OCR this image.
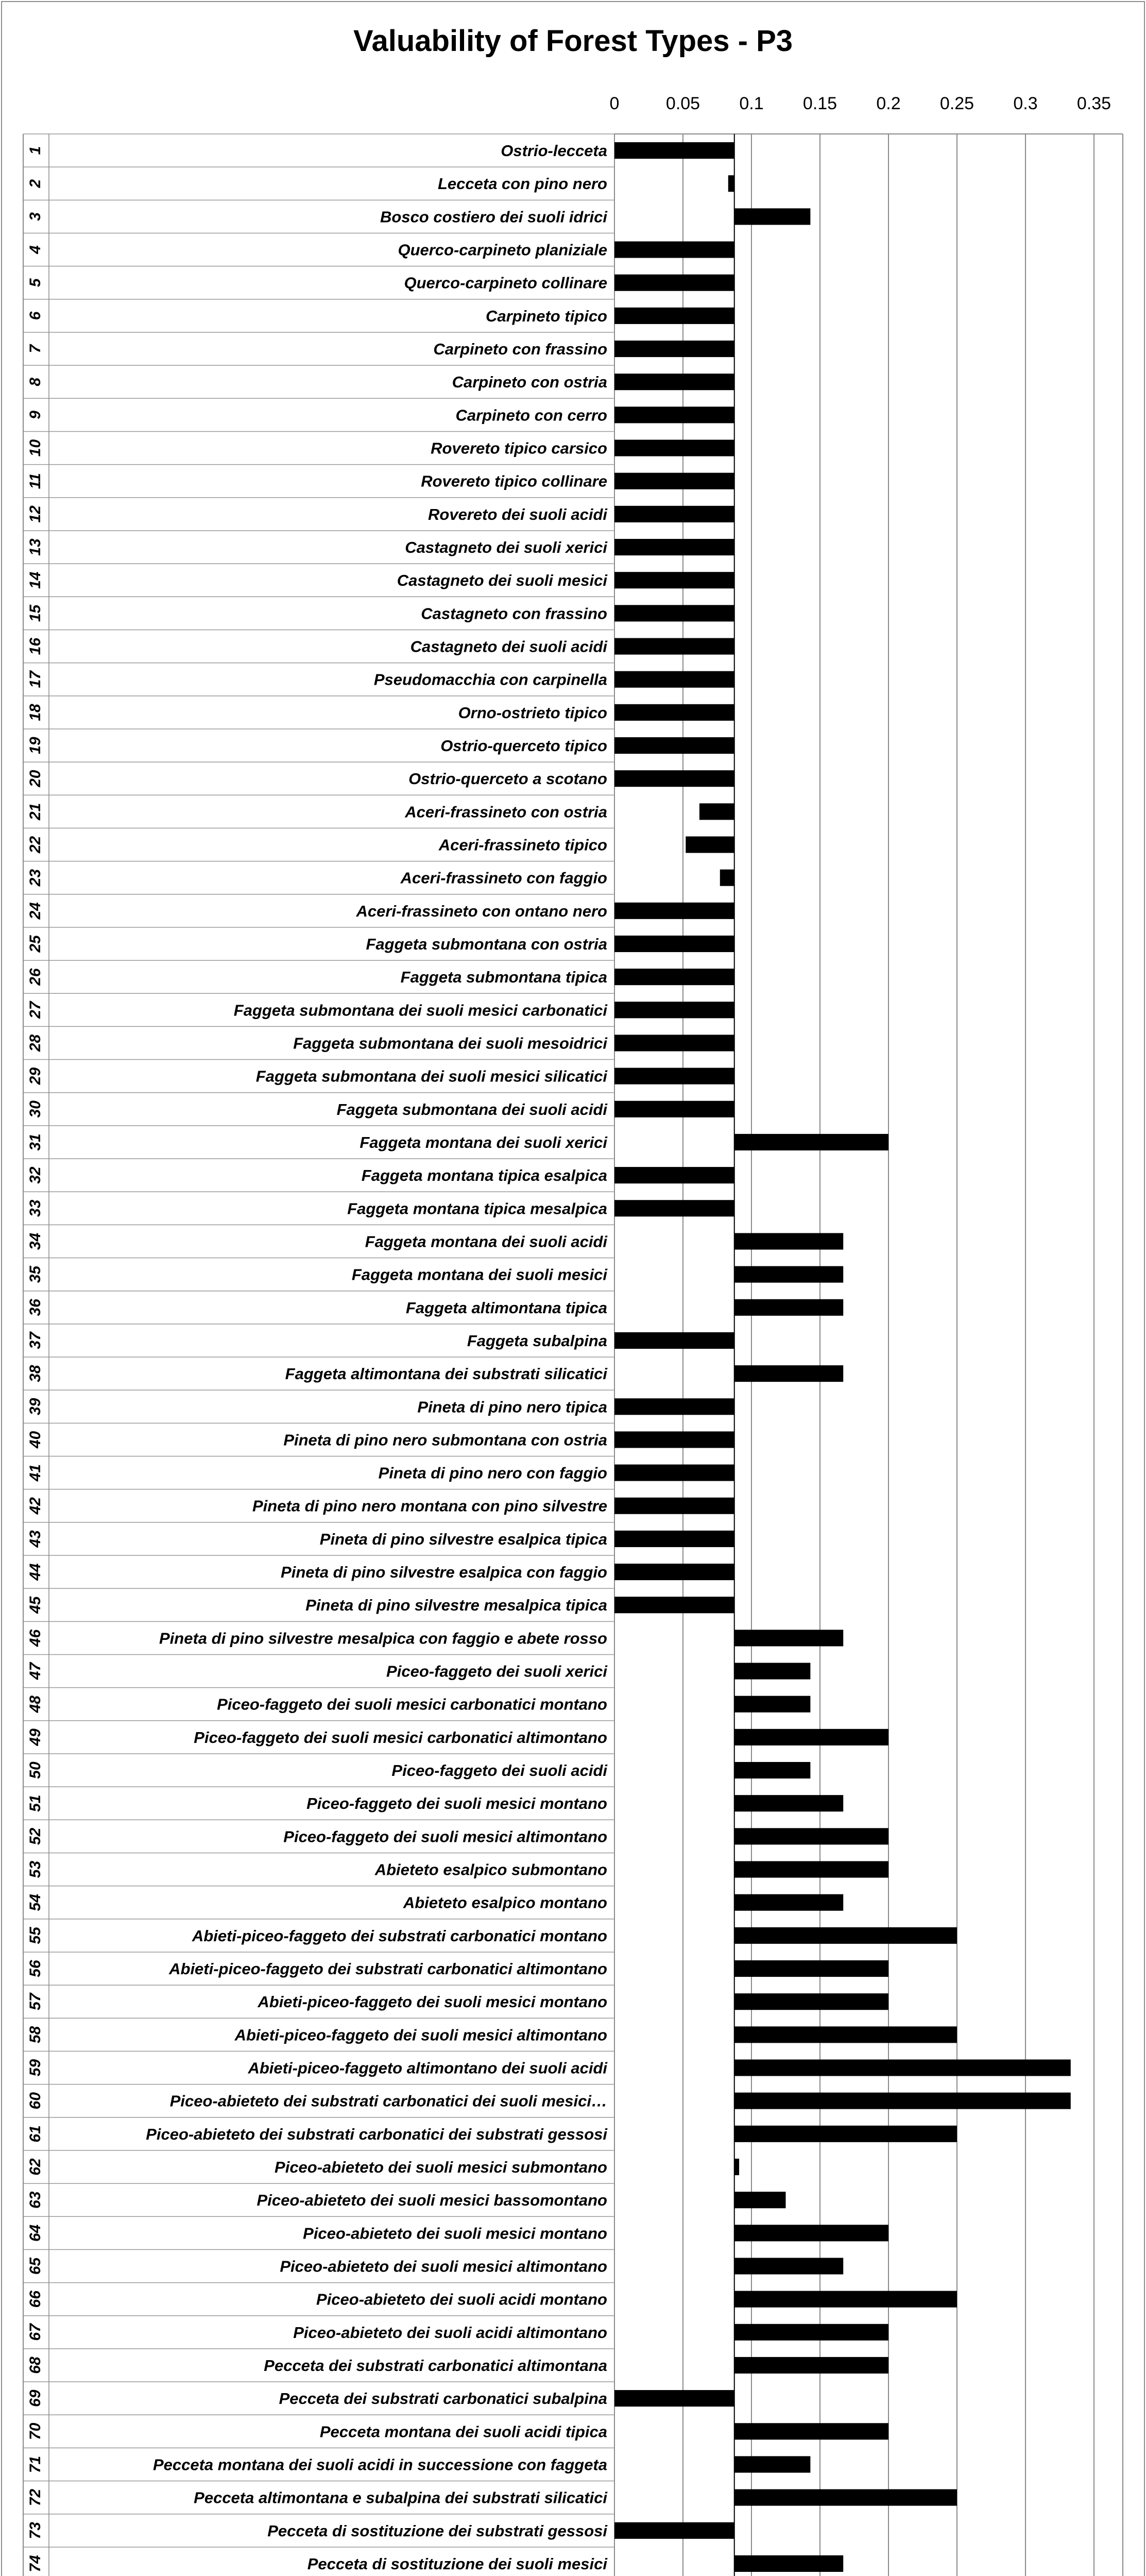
Valuability of Forest Types - P3
0	0.05 0.1 0.15 0.2 0.25 0.3 0.35
1	Ostrio-lecceta
2	Lecceta con pino nero
3	Bosco costiero dei suoli idrici
4	Querco-carpineto planiziale
5	Querco-carpineto collinare
6	Carpineto tipico
7	Carpineto con frassino
8	Carpineto con ostria
9	Carpineto con cerro
10	Rovereto tipico carsico
11	Rovereto tipico collinare
12	Rovereto dei suoli acidi
13	Castagneto dei suoli xerici
14	Castagneto dei suoli mesici
15	Castagneto con frassino
16	Castagneto dei suoli acidi
17	Pseudomacchia con carpinella
18	Orno-ostrieto tipico
19	Ostrio-querceto tipico
20	Ostrio-querceto a scotano
21	Aceri-frassineto con ostria
22	Aceri-frassineto tipico
23	Aceri-frassineto con faggio
24	Aceri-frassineto con ontano nero
25	Faggeta submontana con ostria
26	Faggeta submontana tipica
27	Faggeta submontana dei suoli mesici carbonatici
28	Faggeta submontana dei suoli mesoidrici
29	Faggeta submontana dei suoli mesici silicatici
30	Faggeta submontana dei suoli acidi
31	Faggeta montana dei suoli xerici
32	Faggeta montana tipica esalpica
33	Faggeta montana tipica mesalpica
34	Faggeta montana dei suoli acidi
35	Faggeta montana dei suoli mesici
36	Faggeta altimontana tipica
37	Faggeta subalpina
38	Faggeta altimontana dei substrati silicatici
39	Pineta di pino nero tipica
40	Pineta di pino nero submontana con ostria
41	Pineta di pino nero con faggio
42	Pineta di pino nero montana con pino silvestre
43	Pineta di pino silvestre esalpica tipica
44	Pineta di pino silvestre esalpica con faggio
45	Pineta di pino silvestre mesalpica tipica
46	Pineta di pino silvestre mesalpica con faggio e abete rosso
47	Piceo-faggeto dei suoli xerici
48	Piceo-faggeto dei suoli mesici carbonatici montano
49	Piceo-faggeto dei suoli mesici carbonatici altimontano
50	Piceo-faggeto dei suoli acidi
51	Piceo-faggeto dei suoli mesici montano
52	Piceo-faggeto dei suoli mesici altimontano
53	Abieteto esalpico submontano
54	Abieteto esalpico montano
55	Abieti-piceo-faggeto dei substrati carbonatici montano
56	Abieti-piceo-faggeto dei substrati carbonatici altimontano
57	Abieti-piceo-faggeto dei suoli mesici montano
58	Abieti-piceo-faggeto dei suoli mesici altimontano
59	Abieti-piceo-faggeto altimontano dei suoli acidi
60	Piceo-abieteto dei substrati carbonatici dei suoli mesici…
61	Piceo-abieteto dei substrati carbonatici dei substrati gessosi
62	Piceo-abieteto dei suoli mesici submontano
63	Piceo-abieteto dei suoli mesici bassomontano
64	Piceo-abieteto dei suoli mesici montano
65	Piceo-abieteto dei suoli mesici altimontano
66	Piceo-abieteto dei suoli acidi montano
67	Piceo-abieteto dei suoli acidi altimontano
68	Pecceta dei substrati carbonatici altimontana
69	Pecceta dei substrati carbonatici subalpina
70	Pecceta montana dei suoli acidi tipica
71	Pecceta montana dei suoli acidi in successione con faggeta
72	Pecceta altimontana e subalpina dei substrati silicatici
73	Pecceta di sostituzione dei substrati gessosi
74	Pecceta di sostituzione dei suoli mesici
